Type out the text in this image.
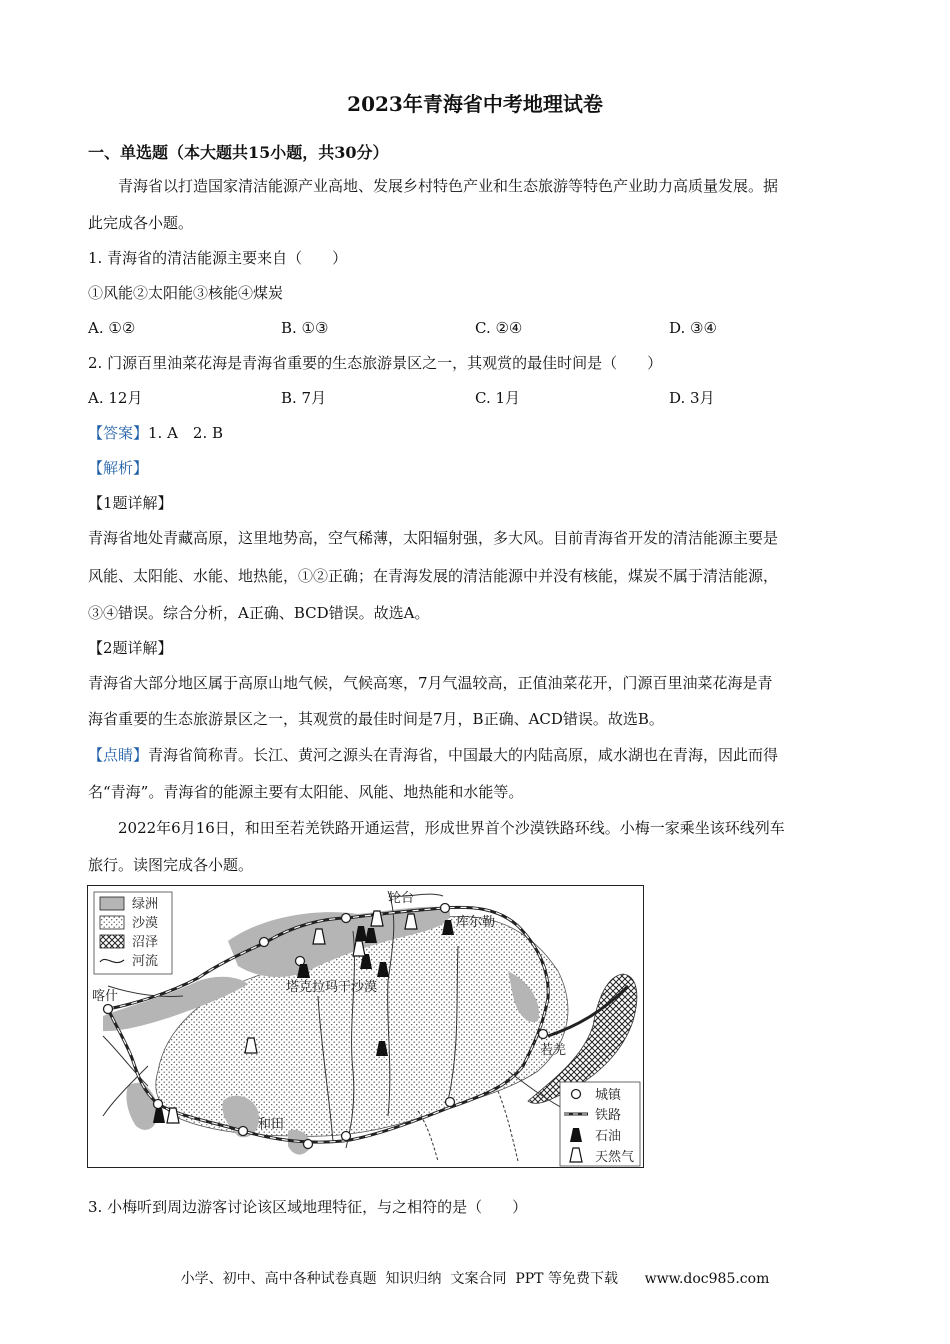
2023年青海省中考地理试卷
一、单选题（本大题共15小题，共30分）
青海省以打造国家清洁能源产业高地、发展乡村特色产业和生态旅游等特色产业助力高质量发展。据
此完成各小题。
1. 青海省的清洁能源主要来自（　　）
①风能②太阳能③核能④煤炭
A. ①②	B. ①③	C. ②④	D. ③④
2. 门源百里油菜花海是青海省重要的生态旅游景区之一，其观赏的最佳时间是（　　）
A. 12月	B. 7月	C. 1月	D. 3月
【答案】1. A　2. B
【解析】
【1题详解】
青海省地处青藏高原，这里地势高，空气稀薄，太阳辐射强，多大风。目前青海省开发的清洁能源主要是
风能、太阳能、水能、地热能，①②正确；在青海发展的清洁能源中并没有核能，煤炭不属于清洁能源，
③④错误。综合分析，A正确、BCD错误。故选A。
【2题详解】
青海省大部分地区属于高原山地气候，气候高寒，7月气温较高，正值油菜花开，门源百里油菜花海是青
海省重要的生态旅游景区之一，其观赏的最佳时间是7月，B正确、ACD错误。故选B。
【点睛】青海省简称青。长江、黄河之源头在青海省，中国最大的内陆高原，咸水湖也在青海，因此而得
名“青海”。青海省的能源主要有太阳能、风能、地热能和水能等。
2022年6月16日，和田至若羌铁路开通运营，形成世界首个沙漠铁路环线。小梅一家乘坐该环线列车
旅行。读图完成各小题。
绿洲
沙漠
沼泽
河流
城镇
铁路
石油
天然气
轮台
库尔勒
喀什
塔克拉玛干沙漠
若羌
和田
3. 小梅听到周边游客讨论该区域地理特征，与之相符的是（　　）
小学、初中、高中各种试卷真题  知识归纳  文案合同  PPT 等免费下载      www.doc985.com
